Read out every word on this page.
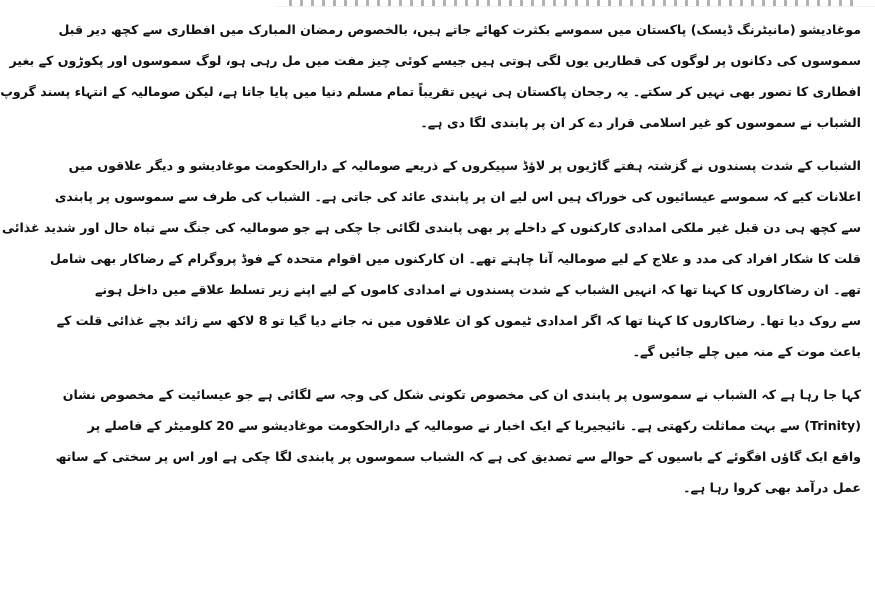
موغادیشو (مانیٹرنگ ڈیسک) پاکستان میں سموسے بکثرت کھائے جاتے ہیں، بالخصوص رمضان المبارک میں افطاری سے کچھ دیر قبل
سموسوں کی دکانوں پر لوگوں کی قطاریں یوں لگی ہوتی ہیں جیسے کوئی چیز مفت میں مل رہی ہو، لوگ سموسوں اور پکوڑوں کے بغیر
افطاری کا تصور بھی نہیں کر سکتے۔ یہ رجحان پاکستان ہی نہیں تقریباً تمام مسلم دنیا میں پایا جاتا ہے، لیکن صومالیہ کے انتہاء پسند گروپ
الشباب نے سموسوں کو غیر اسلامی قرار دے کر ان پر پابندی لگا دی ہے۔

الشباب کے شدت پسندوں نے گزشتہ ہفتے گاڑیوں پر لاؤڈ سپیکروں کے ذریعے صومالیہ کے دارالحکومت موغادیشو و دیگر علاقوں میں
اعلانات کیے کہ سموسے عیسائیوں کی خوراک ہیں اس لیے ان پر پابندی عائد کی جاتی ہے۔ الشباب کی طرف سے سموسوں پر پابندی
سے کچھ ہی دن قبل غیر ملکی امدادی کارکنوں کے داخلے پر بھی پابندی لگائی جا چکی ہے جو صومالیہ کی جنگ سے تباہ حال اور شدید غذائی
قلت کا شکار افراد کی مدد و علاج کے لیے صومالیہ آنا چاہتے تھے۔ ان کارکنوں میں اقوام متحدہ کے فوڈ پروگرام کے رضاکار بھی شامل
تھے۔ ان رضاکاروں کا کہنا تھا کہ انہیں الشباب کے شدت پسندوں نے امدادی کاموں کے لیے اپنے زیر تسلط علاقے میں داخل ہونے
سے روک دیا تھا۔ رضاکاروں کا کہنا تھا کہ اگر امدادی ٹیموں کو ان علاقوں میں نہ جانے دیا گیا تو 8 لاکھ سے زائد بچے غذائی قلت کے
باعث موت کے منہ میں چلے جائیں گے۔

کہا جا رہا ہے کہ الشباب نے سموسوں پر پابندی ان کی مخصوص تکونی شکل کی وجہ سے لگائی ہے جو عیسائیت کے مخصوص نشان
(Trinity) سے بہت مماثلت رکھتی ہے۔ نائیجیریا کے ایک اخبار نے صومالیہ کے دارالحکومت موغادیشو سے 20 کلومیٹر کے فاصلے پر
واقع ایک گاؤں افگوئے کے باسیوں کے حوالے سے تصدیق کی ہے کہ الشباب سموسوں پر پابندی لگا چکی ہے اور اس پر سختی کے ساتھ
عمل درآمد بھی کروا رہا ہے۔
